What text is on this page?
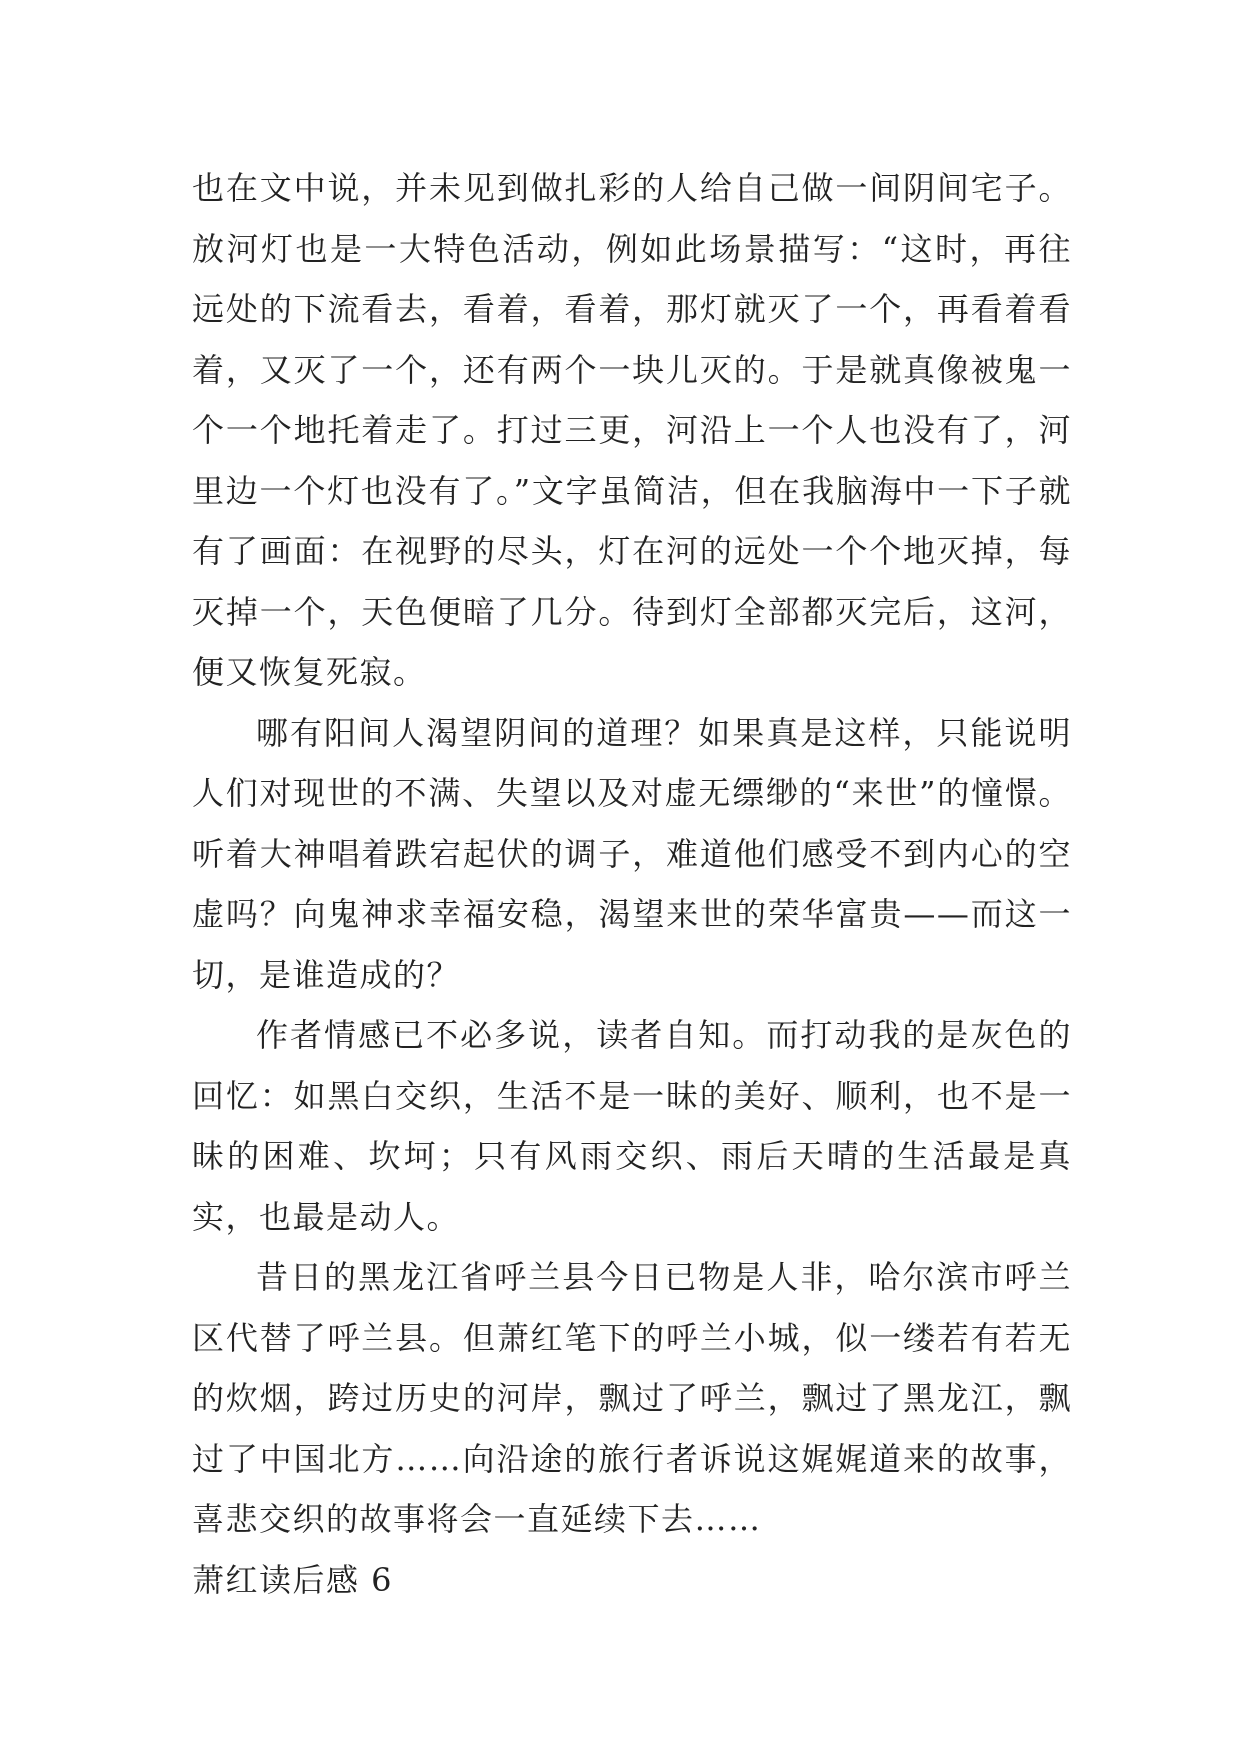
也在文中说，并未见到做扎彩的人给自己做一间阴间宅子。放河灯也是一大特色活动，例如此场景描写：“这时，再往远处的下流看去，看着，看着，那灯就灭了一个，再看着看着，又灭了一个，还有两个一块儿灭的。于是就真像被鬼一个一个地托着走了。打过三更，河沿上一个人也没有了，河里边一个灯也没有了。”文字虽简洁，但在我脑海中一下子就有了画面：在视野的尽头，灯在河的远处一个个地灭掉，每灭掉一个，天色便暗了几分。待到灯全部都灭完后，这河，便又恢复死寂。

哪有阳间人渴望阴间的道理？如果真是这样，只能说明人们对现世的不满、失望以及对虚无缥缈的“来世”的憧憬。听着大神唱着跌宕起伏的调子，难道他们感受不到内心的空虚吗？向鬼神求幸福安稳，渴望来世的荣华富贵——而这一切，是谁造成的？

作者情感已不必多说，读者自知。而打动我的是灰色的回忆：如黑白交织，生活不是一昧的美好、顺利，也不是一昧的困难、坎坷；只有风雨交织、雨后天晴的生活最是真实，也最是动人。

昔日的黑龙江省呼兰县今日已物是人非，哈尔滨市呼兰区代替了呼兰县。但萧红笔下的呼兰小城，似一缕若有若无的炊烟，跨过历史的河岸，飘过了呼兰，飘过了黑龙江，飘过了中国北方……向沿途的旅行者诉说这娓娓道来的故事，喜悲交织的故事将会一直延续下去……

萧红读后感 6
